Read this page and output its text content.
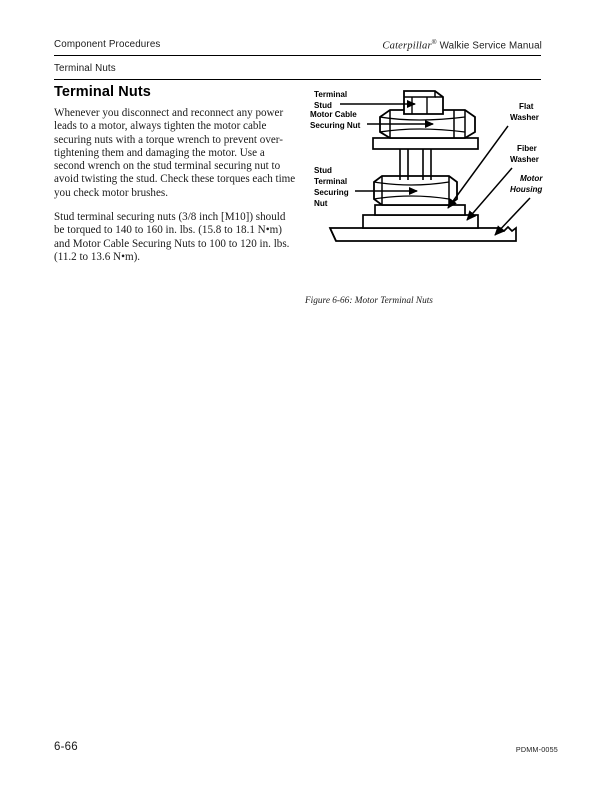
Component Procedures	Caterpillar® Walkie Service Manual
Terminal Nuts
Terminal Nuts

Whenever you disconnect and reconnect any power leads to a motor, always tighten the motor cable securing nuts with a torque wrench to prevent over-tightening them and damaging the motor. Use a second wrench on the stud terminal securing nut to avoid twisting the stud. Check these torques each time you check motor brushes.

Stud terminal securing nuts (3/8 inch [M10]) should be torqued to 140 to 160 in. lbs. (15.8 to 18.1 N•m) and Motor Cable Securing Nuts to 100 to 120 in. lbs. (11.2 to 13.6 N•m).

Terminal
Stud
Motor Cable
Securing Nut
Stud
Terminal
Securing
Nut
Flat
Washer
Fiber
Washer
Motor
Housing
Figure 6-66: Motor Terminal Nuts
6-66	PDMM-0055
